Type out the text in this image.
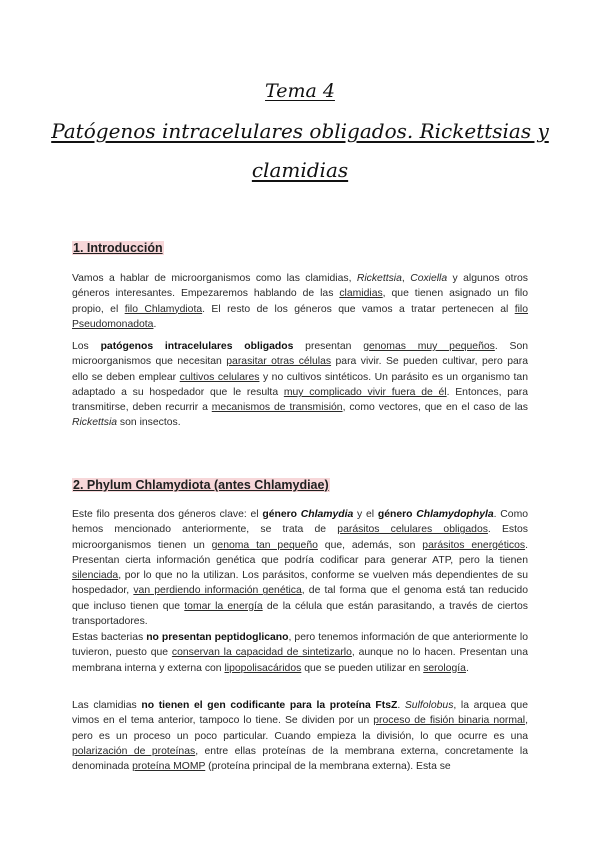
Tema 4
Patógenos intracelulares obligados. Rickettsias y
clamidias
1. Introducción

Vamos a hablar de microorganismos como las clamidias, Rickettsia, Coxiella y algunos otros géneros interesantes. Empezaremos hablando de las clamidias, que tienen asignado un filo propio, el filo Chlamydiota. El resto de los géneros que vamos a tratar pertenecen al filo Pseudomonadota.

Los patógenos intracelulares obligados presentan genomas muy pequeños. Son microorganismos que necesitan parasitar otras células para vivir. Se pueden cultivar, pero para ello se deben emplear cultivos celulares y no cultivos sintéticos. Un parásito es un organismo tan adaptado a su hospedador que le resulta muy complicado vivir fuera de él. Entonces, para transmitirse, deben recurrir a mecanismos de transmisión, como vectores, que en el caso de las Rickettsia son insectos.

2. Phylum Chlamydiota (antes Chlamydiae)

Este filo presenta dos géneros clave: el género Chlamydia y el género Chlamydophyla. Como hemos mencionado anteriormente, se trata de parásitos celulares obligados. Estos microorganismos tienen un genoma tan pequeño que, además, son parásitos energéticos. Presentan cierta información genética que podría codificar para generar ATP, pero la tienen silenciada, por lo que no la utilizan. Los parásitos, conforme se vuelven más dependientes de su hospedador, van perdiendo información genética, de tal forma que el genoma está tan reducido que incluso tienen que tomar la energía de la célula que están parasitando, a través de ciertos transportadores.

Estas bacterias no presentan peptidoglicano, pero tenemos información de que anteriormente lo tuvieron, puesto que conservan la capacidad de sintetizarlo, aunque no lo hacen. Presentan una membrana interna y externa con lipopolisacáridos que se pueden utilizar en serología.

Las clamidias no tienen el gen codificante para la proteína FtsZ. Sulfolobus, la arquea que vimos en el tema anterior, tampoco lo tiene. Se dividen por un proceso de fisión binaria normal, pero es un proceso un poco particular. Cuando empieza la división, lo que ocurre es una polarización de proteínas, entre ellas proteínas de la membrana externa, concretamente la denominada proteína MOMP (proteína principal de la membrana externa). Esta se
